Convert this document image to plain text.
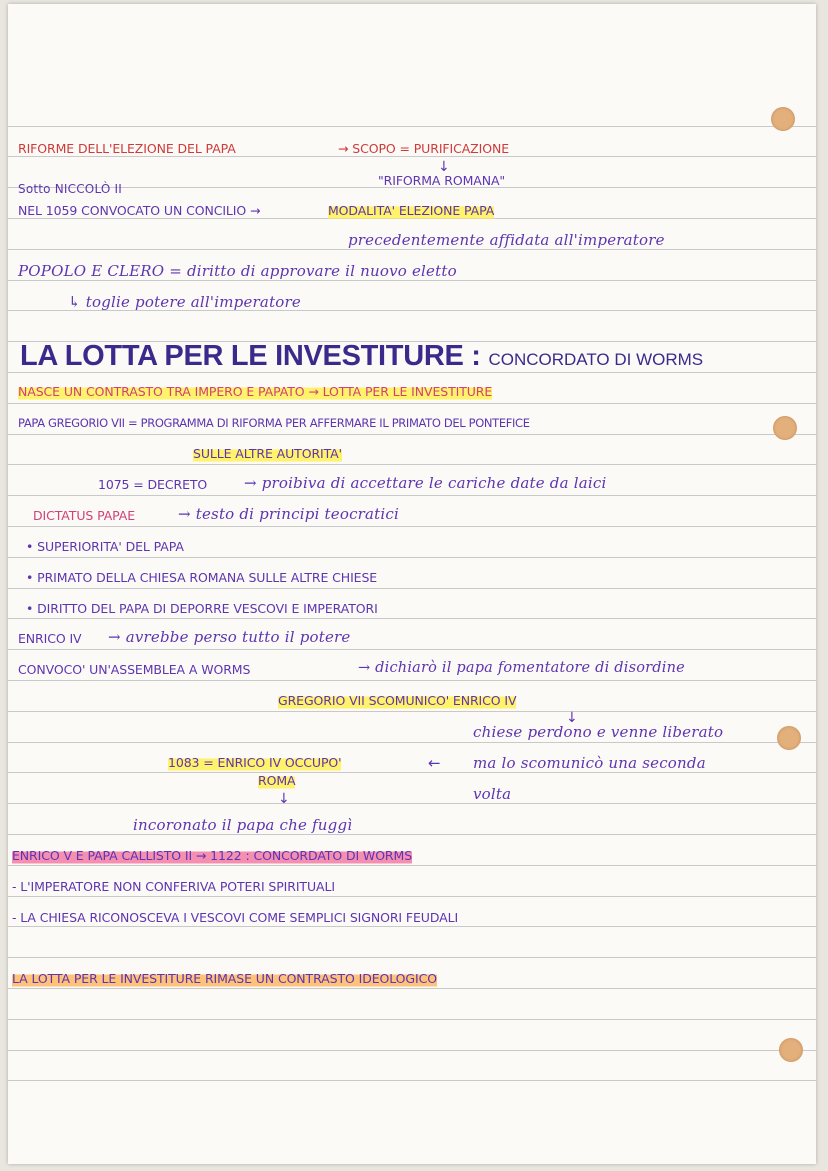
RIFORME DELL'ELEZIONE DEL PAPA	→ SCOPO = PURIFICAZIONE
↓
"RIFORMA ROMANA"
Sotto NICCOLÒ II
NEL 1059 CONVOCATO UN CONCILIO →	MODALITA' ELEZIONE PAPA
precedentemente affidata all'imperatore
POPOLO E CLERO = diritto di approvare il nuovo eletto
↳ toglie potere all'imperatore
LA LOTTA PER LE INVESTITURE : CONCORDATO DI WORMS
NASCE UN CONTRASTO TRA IMPERO E PAPATO → LOTTA PER LE INVESTITURE
PAPA GREGORIO VII = PROGRAMMA DI RIFORMA PER AFFERMARE IL PRIMATO DEL PONTEFICE
SULLE ALTRE AUTORITA'
1075 = DECRETO → proibiva di accettare le cariche date da laici
DICTATUS PAPAE	→ testo di principi teocratici
• SUPERIORITA' DEL PAPA
• PRIMATO DELLA CHIESA ROMANA SULLE ALTRE CHIESE
• DIRITTO DEL PAPA DI DEPORRE VESCOVI E IMPERATORI
ENRICO IV → avrebbe perso tutto il potere
CONVOCO' UN'ASSEMBLEA A WORMS	→ dichiarò il papa fomentatore di disordine
GREGORIO VII SCOMUNICO' ENRICO IV
↓
chiese perdono e venne liberato
1083 = ENRICO IV OCCUPO'
ROMA
← ma lo scomunicò una seconda
volta
↓
incoronato il papa che fuggì
ENRICO V E PAPA CALLISTO II → 1122 : CONCORDATO DI WORMS
- L'IMPERATORE NON CONFERIVA POTERI SPIRITUALI
- LA CHIESA RICONOSCEVA I VESCOVI COME SEMPLICI SIGNORI FEUDALI
LA LOTTA PER LE INVESTITURE RIMASE UN CONTRASTO IDEOLOGICO
